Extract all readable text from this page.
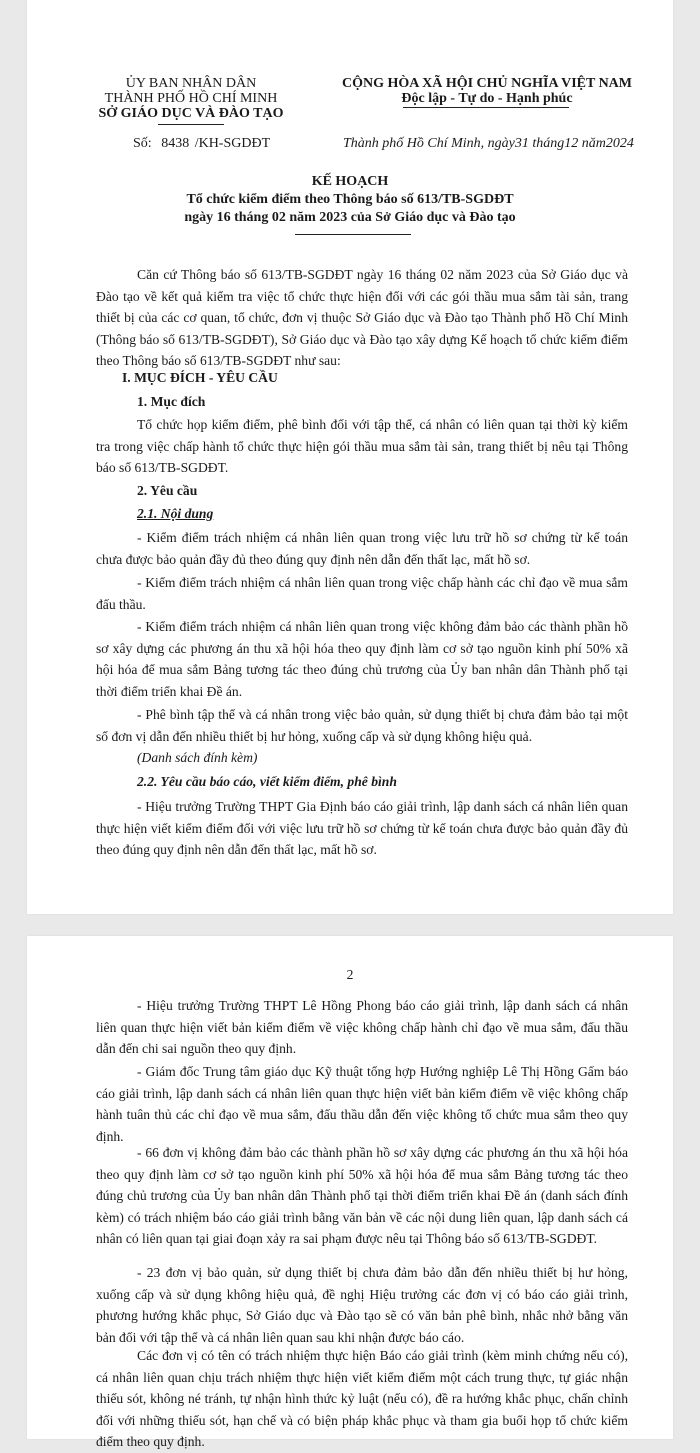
ỦY BAN NHÂN DÂN
THÀNH PHỐ HỒ CHÍ MINH
SỞ GIÁO DỤC VÀ ĐÀO TẠO
CỘNG HÒA XÃ HỘI CHỦ NGHĨA VIỆT NAM
Độc lập - Tự do - Hạnh phúc
Số: 8438 /KH-SGDĐT	Thành phố Hồ Chí Minh, ngày31 tháng12 năm2024
KẾ HOẠCH
Tổ chức kiểm điểm theo Thông báo số 613/TB-SGDĐT
ngày 16 tháng 02 năm 2023 của Sở Giáo dục và Đào tạo

Căn cứ Thông báo số 613/TB-SGDĐT ngày 16 tháng 02 năm 2023 của Sở Giáo dục và Đào tạo về kết quả kiểm tra việc tổ chức thực hiện đối với các gói thầu mua sắm tài sản, trang thiết bị của các cơ quan, tổ chức, đơn vị thuộc Sở Giáo dục và Đào tạo Thành phố Hồ Chí Minh (Thông báo số 613/TB-SGDĐT), Sở Giáo dục và Đào tạo xây dựng Kế hoạch tổ chức kiểm điểm theo Thông báo số 613/TB-SGDĐT như sau:

I. MỤC ĐÍCH - YÊU CẦU

1. Mục đích

Tổ chức họp kiểm điểm, phê bình đối với tập thể, cá nhân có liên quan tại thời kỳ kiểm tra trong việc chấp hành tổ chức thực hiện gói thầu mua sắm tài sản, trang thiết bị nêu tại Thông báo số 613/TB-SGDĐT.

2. Yêu cầu

2.1. Nội dung

- Kiểm điểm trách nhiệm cá nhân liên quan trong việc lưu trữ hồ sơ chứng từ kế toán chưa được bảo quản đầy đủ theo đúng quy định nên dẫn đến thất lạc, mất hồ sơ.

- Kiểm điểm trách nhiệm cá nhân liên quan trong việc chấp hành các chỉ đạo về mua sắm đấu thầu.

- Kiểm điểm trách nhiệm cá nhân liên quan trong việc không đảm bảo các thành phần hồ sơ xây dựng các phương án thu xã hội hóa theo quy định làm cơ sở tạo nguồn kinh phí 50% xã hội hóa để mua sắm Bảng tương tác theo đúng chủ trương của Ủy ban nhân dân Thành phố tại thời điểm triển khai Đề án.

- Phê bình tập thể và cá nhân trong việc bảo quản, sử dụng thiết bị chưa đảm bảo tại một số đơn vị dẫn đến nhiều thiết bị hư hỏng, xuống cấp và sử dụng không hiệu quả.

(Danh sách đính kèm)

2.2. Yêu cầu báo cáo, viết kiểm điểm, phê bình

- Hiệu trưởng Trường THPT Gia Định báo cáo giải trình, lập danh sách cá nhân liên quan thực hiện viết kiểm điểm đối với việc lưu trữ hồ sơ chứng từ kế toán chưa được bảo quản đầy đủ theo đúng quy định nên dẫn đến thất lạc, mất hồ sơ.

2

- Hiệu trưởng Trường THPT Lê Hồng Phong báo cáo giải trình, lập danh sách cá nhân liên quan thực hiện viết bản kiểm điểm về việc không chấp hành chỉ đạo về mua sắm, đấu thầu dẫn đến chi sai nguồn theo quy định.

- Giám đốc Trung tâm giáo dục Kỹ thuật tổng hợp Hướng nghiệp Lê Thị Hồng Gấm báo cáo giải trình, lập danh sách cá nhân liên quan thực hiện viết bản kiểm điểm về việc không chấp hành tuân thủ các chỉ đạo về mua sắm, đấu thầu dẫn đến việc không tổ chức mua sắm theo quy định.

- 66 đơn vị không đảm bảo các thành phần hồ sơ xây dựng các phương án thu xã hội hóa theo quy định làm cơ sở tạo nguồn kinh phí 50% xã hội hóa để mua sắm Bảng tương tác theo đúng chủ trương của Ủy ban nhân dân Thành phố tại thời điểm triển khai Đề án (danh sách đính kèm) có trách nhiệm báo cáo giải trình bằng văn bản về các nội dung liên quan, lập danh sách cá nhân có liên quan tại giai đoạn xảy ra sai phạm được nêu tại Thông báo số 613/TB-SGDĐT.

- 23 đơn vị bảo quản, sử dụng thiết bị chưa đảm bảo dẫn đến nhiều thiết bị hư hỏng, xuống cấp và sử dụng không hiệu quả, đề nghị Hiệu trưởng các đơn vị có báo cáo giải trình, phương hướng khắc phục, Sở Giáo dục và Đào tạo sẽ có văn bản phê bình, nhắc nhở bằng văn bản đối với tập thể và cá nhân liên quan sau khi nhận được báo cáo.

Các đơn vị có tên có trách nhiệm thực hiện Báo cáo giải trình (kèm minh chứng nếu có), cá nhân liên quan chịu trách nhiệm thực hiện viết kiểm điểm một cách trung thực, tự giác nhận thiếu sót, không né tránh, tự nhận hình thức kỷ luật (nếu có), đề ra hướng khắc phục, chấn chỉnh đối với những thiếu sót, hạn chế và có biện pháp khắc phục và tham gia buổi họp tổ chức kiểm điểm theo quy định.
